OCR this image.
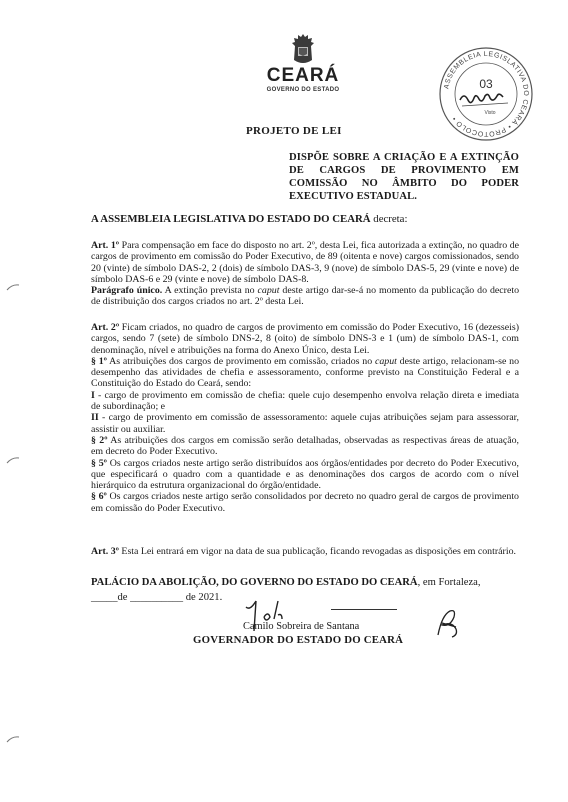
CEARÁ
GOVERNO DO ESTADO
ASSEMBLEIA LEGISLATIVA DO CEARÁ • PROTOCOLO •
03
Visto
PROJETO DE LEI
DISPÕE SOBRE A CRIAÇÃO E A EXTINÇÃO DE CARGOS DE PROVIMENTO EM COMISSÃO NO ÂMBITO DO PODER EXECUTIVO ESTADUAL.
A ASSEMBLEIA LEGISLATIVA DO ESTADO DO CEARÁ decreta:

Art. 1º Para compensação em face do disposto no art. 2º, desta Lei, fica autorizada a extinção, no quadro de cargos de provimento em comissão do Poder Executivo, de 89 (oitenta e nove) cargos comissionados, sendo 20 (vinte) de símbolo DAS-2, 2 (dois) de símbolo DAS-3, 9 (nove) de símbolo DAS-5, 29 (vinte e nove) de símbolo DAS-6 e 29 (vinte e nove) de símbolo DAS-8.

Parágrafo único. A extinção prevista no caput deste artigo dar-se-á no momento da publicação do decreto de distribuição dos cargos criados no art. 2º desta Lei.

Art. 2º Ficam criados, no quadro de cargos de provimento em comissão do Poder Executivo, 16 (dezesseis) cargos, sendo 7 (sete) de símbolo DNS-2, 8 (oito) de símbolo DNS-3 e 1 (um) de símbolo DAS-1, com denominação, nível e atribuições na forma do Anexo Único, desta Lei.

§ 1º As atribuições dos cargos de provimento em comissão, criados no caput deste artigo, relacionam-se no desempenho das atividades de chefia e assessoramento, conforme previsto na Constituição Federal e a Constituição do Estado do Ceará, sendo:

I - cargo de provimento em comissão de chefia: quele cujo desempenho envolva relação direta e imediata de subordinação; e

II - cargo de provimento em comissão de assessoramento: aquele cujas atribuições sejam para assessorar, assistir ou auxiliar.

§ 2º As atribuições dos cargos em comissão serão detalhadas, observadas as respectivas áreas de atuação, em decreto do Poder Executivo.

§ 5º Os cargos criados neste artigo serão distribuídos aos órgãos/entidades por decreto do Poder Executivo, que especificará o quadro com a quantidade e as denominações dos cargos de acordo com o nível hierárquico da estrutura organizacional do órgão/entidade.

§ 6º Os cargos criados neste artigo serão consolidados por decreto no quadro geral de cargos de provimento em comissão do Poder Executivo.

Art. 3º Esta Lei entrará em vigor na data de sua publicação, ficando revogadas as disposições em contrário.

PALÁCIO DA ABOLIÇÃO, DO GOVERNO DO ESTADO DO CEARÁ, em Fortaleza,
_____de __________ de 2021.
Camilo Sobreira de Santana
GOVERNADOR DO ESTADO DO CEARÁ
